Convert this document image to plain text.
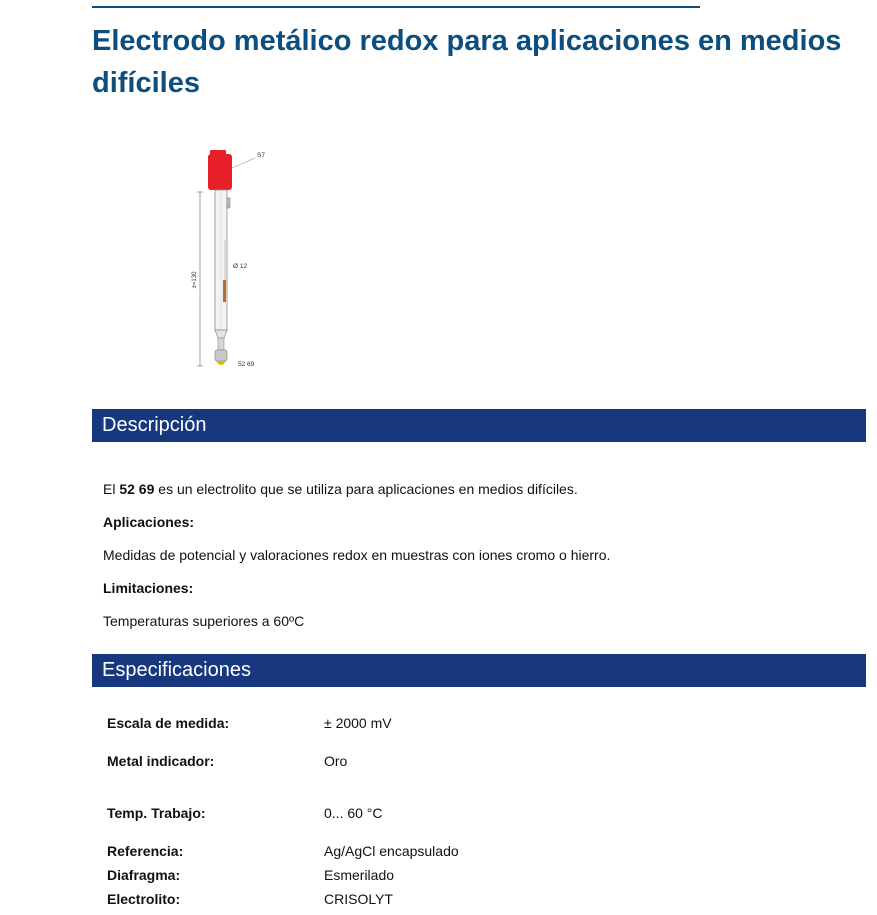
Electrodo metálico redox para aplicaciones en medios difíciles
±=130
S7
Ø 12
52 69
Descripción

El 52 69 es un electrolito que se utiliza para aplicaciones en medios difíciles.

Aplicaciones:

Medidas de potencial y valoraciones redox en muestras con iones cromo o hierro.

Limitaciones:

Temperaturas superiores a 60ºC

Especificaciones
Escala de medida:	± 2000 mV
Metal indicador:	Oro
Temp. Trabajo:	0... 60 °C
Referencia:	Ag/AgCl encapsulado
Diafragma:	Esmerilado
Electrolito:	CRISOLYT
